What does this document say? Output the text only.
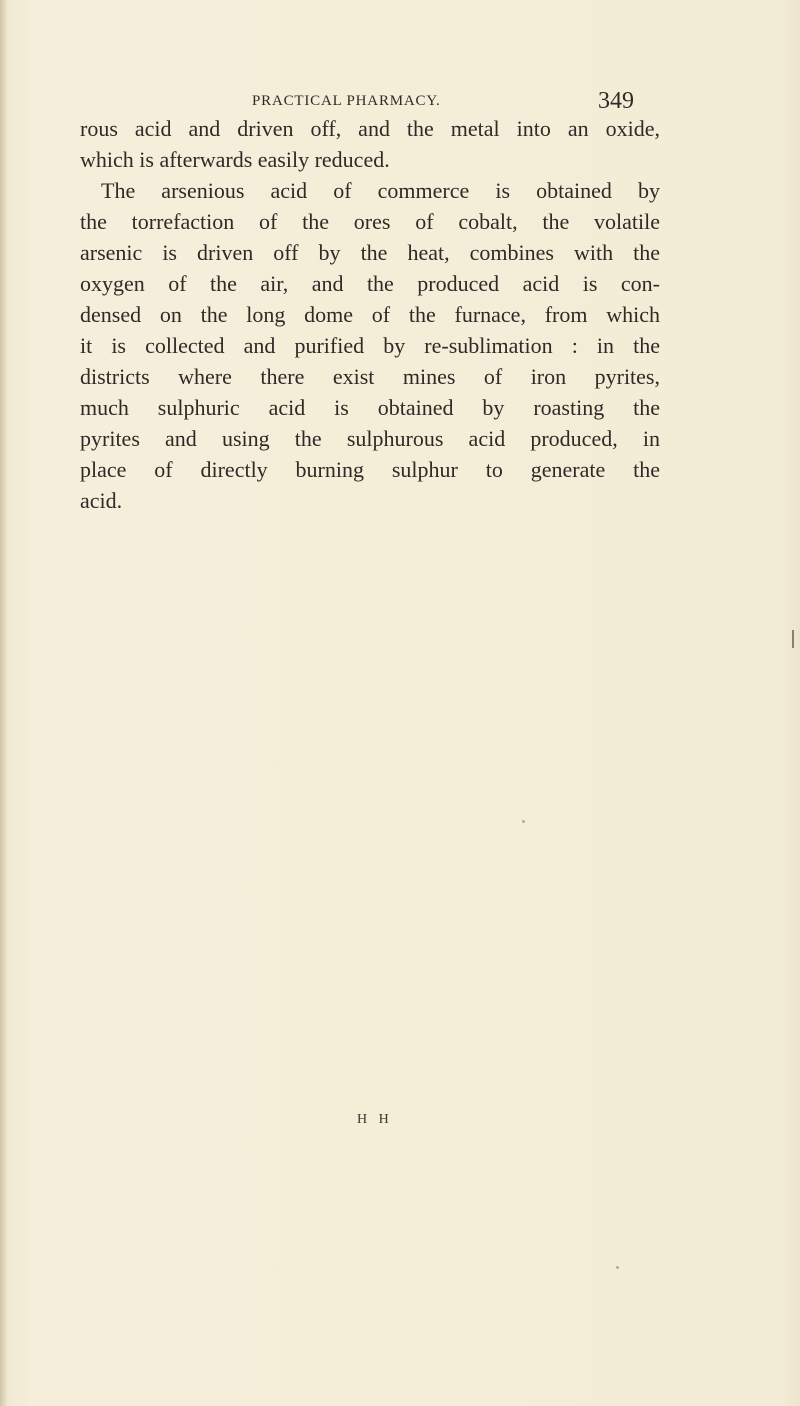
PRACTICAL PHARMACY.	349
rous acid and driven off, and the metal into an oxide,
which is afterwards easily reduced.
The arsenious acid of commerce is obtained by
the torrefaction of the ores of cobalt, the volatile
arsenic is driven off by the heat, combines with the
oxygen of the air, and the produced acid is con-
densed on the long dome of the furnace, from which
it is collected and purified by re-sublimation : in the
districts where there exist mines of iron pyrites,
much sulphuric acid is obtained by roasting the
pyrites and using the sulphurous acid produced, in
place of directly burning sulphur to generate the
acid.
H H
